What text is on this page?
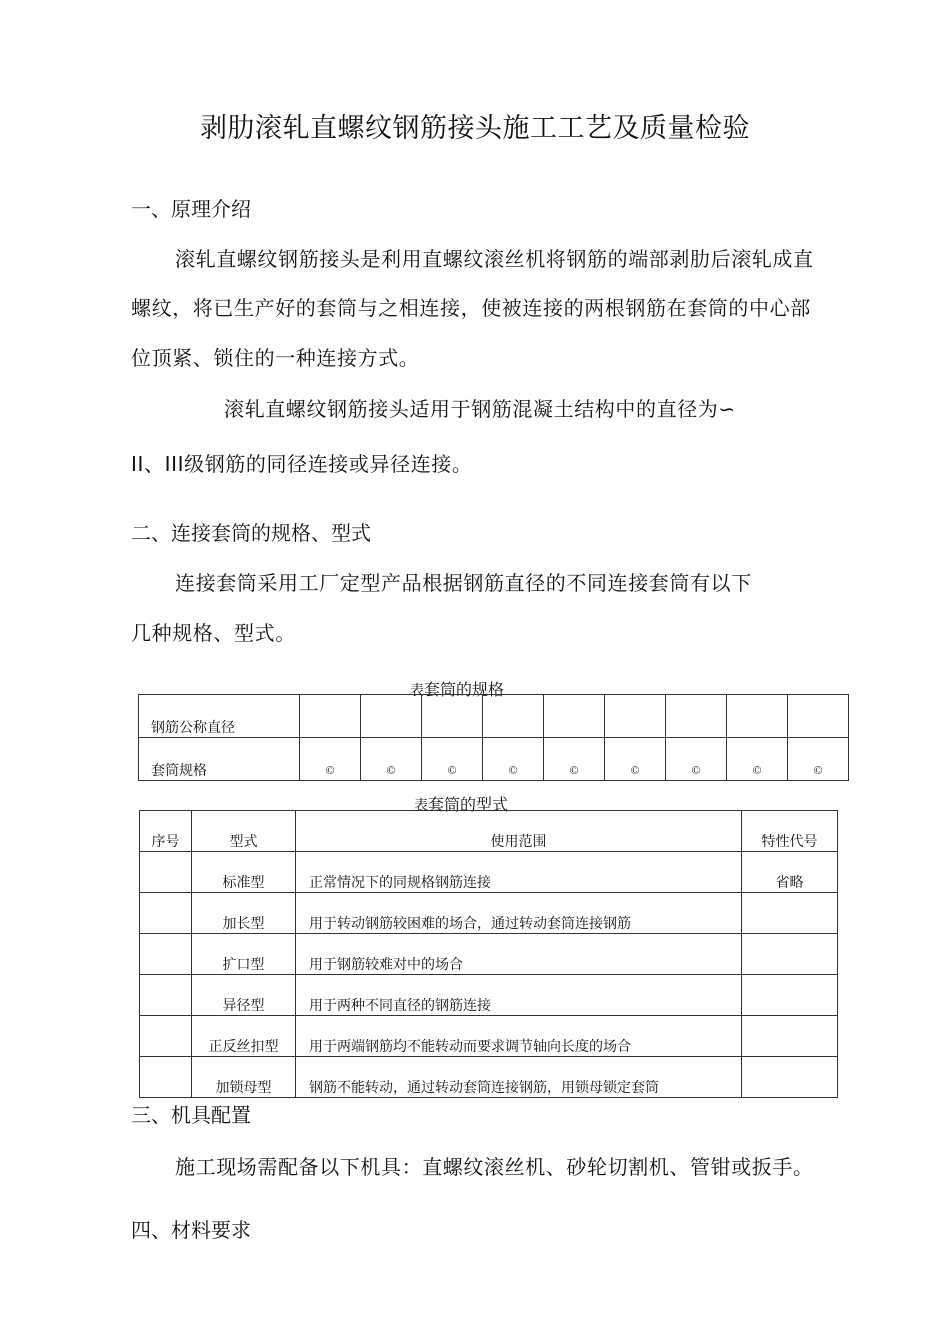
剥肋滚轧直螺纹钢筋接头施工工艺及质量检验
一、原理介绍
滚轧直螺纹钢筋接头是利用直螺纹滚丝机将钢筋的端部剥肋后滚轧成直
螺纹，将已生产好的套筒与之相连接，使被连接的两根钢筋在套筒的中心部
位顶紧、锁住的一种连接方式。
滚轧直螺纹钢筋接头适用于钢筋混凝土结构中的直径为∽
II、III级钢筋的同径连接或异径连接。
二、连接套筒的规格、型式
连接套筒采用工厂定型产品根据钢筋直径的不同连接套筒有以下
几种规格、型式。
表套筒的规格
钢筋公称直径									
套筒规格	©	©	©	©	©	©	©	©	©
表套筒的型式
序号	型式	使用范围	特性代号
	标准型	正常情况下的同规格钢筋连接	省略
	加长型	用于转动钢筋较困难的场合，通过转动套筒连接钢筋	
	扩口型	用于钢筋较难对中的场合	
	异径型	用于两种不同直径的钢筋连接	
	正反丝扣型	用于两端钢筋均不能转动而要求调节轴向长度的场合	
	加锁母型	钢筋不能转动，通过转动套筒连接钢筋，用锁母锁定套筒	
三、机具配置
施工现场需配备以下机具：直螺纹滚丝机、砂轮切割机、管钳或扳手。
四、材料要求
